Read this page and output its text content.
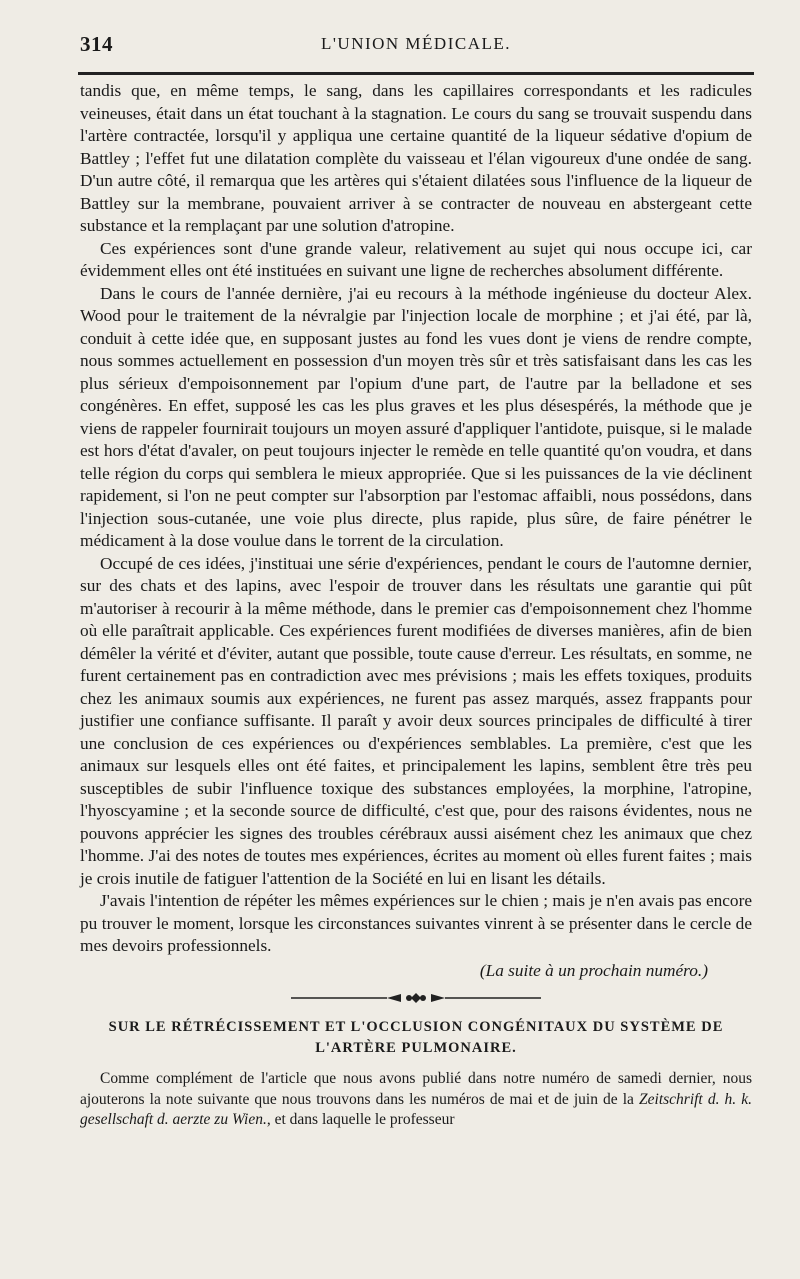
314	L'UNION MÉDICALE.

tandis que, en même temps, le sang, dans les capillaires correspondants et les radicules veineuses, était dans un état touchant à la stagnation. Le cours du sang se trouvait suspendu dans l'artère contractée, lorsqu'il y appliqua une certaine quantité de la liqueur sédative d'opium de Battley ; l'effet fut une dilatation complète du vaisseau et l'élan vigoureux d'une ondée de sang. D'un autre côté, il remarqua que les artères qui s'étaient dilatées sous l'influence de la liqueur de Battley sur la membrane, pouvaient arriver à se contracter de nouveau en abstergeant cette substance et la remplaçant par une solution d'atropine.

Ces expériences sont d'une grande valeur, relativement au sujet qui nous occupe ici, car évidemment elles ont été instituées en suivant une ligne de recherches absolument différente.

Dans le cours de l'année dernière, j'ai eu recours à la méthode ingénieuse du docteur Alex. Wood pour le traitement de la névralgie par l'injection locale de morphine ; et j'ai été, par là, conduit à cette idée que, en supposant justes au fond les vues dont je viens de rendre compte, nous sommes actuellement en possession d'un moyen très sûr et très satisfaisant dans les cas les plus sérieux d'empoisonnement par l'opium d'une part, de l'autre par la belladone et ses congénères. En effet, supposé les cas les plus graves et les plus désespérés, la méthode que je viens de rappeler fournirait toujours un moyen assuré d'appliquer l'antidote, puisque, si le malade est hors d'état d'avaler, on peut toujours injecter le remède en telle quantité qu'on voudra, et dans telle région du corps qui semblera le mieux appropriée. Que si les puissances de la vie déclinent rapidement, si l'on ne peut compter sur l'absorption par l'estomac affaibli, nous possédons, dans l'injection sous-cutanée, une voie plus directe, plus rapide, plus sûre, de faire pénétrer le médicament à la dose voulue dans le torrent de la circulation.

Occupé de ces idées, j'instituai une série d'expériences, pendant le cours de l'automne dernier, sur des chats et des lapins, avec l'espoir de trouver dans les résultats une garantie qui pût m'autoriser à recourir à la même méthode, dans le premier cas d'empoisonnement chez l'homme où elle paraîtrait applicable. Ces expériences furent modifiées de diverses manières, afin de bien démêler la vérité et d'éviter, autant que possible, toute cause d'erreur. Les résultats, en somme, ne furent certainement pas en contradiction avec mes prévisions ; mais les effets toxiques, produits chez les animaux soumis aux expériences, ne furent pas assez marqués, assez frappants pour justifier une confiance suffisante. Il paraît y avoir deux sources principales de difficulté à tirer une conclusion de ces expériences ou d'expériences semblables. La première, c'est que les animaux sur lesquels elles ont été faites, et principalement les lapins, semblent être très peu susceptibles de subir l'influence toxique des substances employées, la morphine, l'atropine, l'hyoscyamine ; et la seconde source de difficulté, c'est que, pour des raisons évidentes, nous ne pouvons apprécier les signes des troubles cérébraux aussi aisément chez les animaux que chez l'homme. J'ai des notes de toutes mes expériences, écrites au moment où elles furent faites ; mais je crois inutile de fatiguer l'attention de la Société en lui en lisant les détails.

J'avais l'intention de répéter les mêmes expériences sur le chien ; mais je n'en avais pas encore pu trouver le moment, lorsque les circonstances suivantes vinrent à se présenter dans le cercle de mes devoirs professionnels.

(La suite à un prochain numéro.)
SUR LE RÉTRÉCISSEMENT ET L'OCCLUSION CONGÉNITAUX DU SYSTÈME DE L'ARTÈRE PULMONAIRE.

Comme complément de l'article que nous avons publié dans notre numéro de samedi dernier, nous ajouterons la note suivante que nous trouvons dans les numéros de mai et de juin de la Zeitschrift d. h. k. gesellschaft d. aerzte zu Wien., et dans laquelle le professeur
